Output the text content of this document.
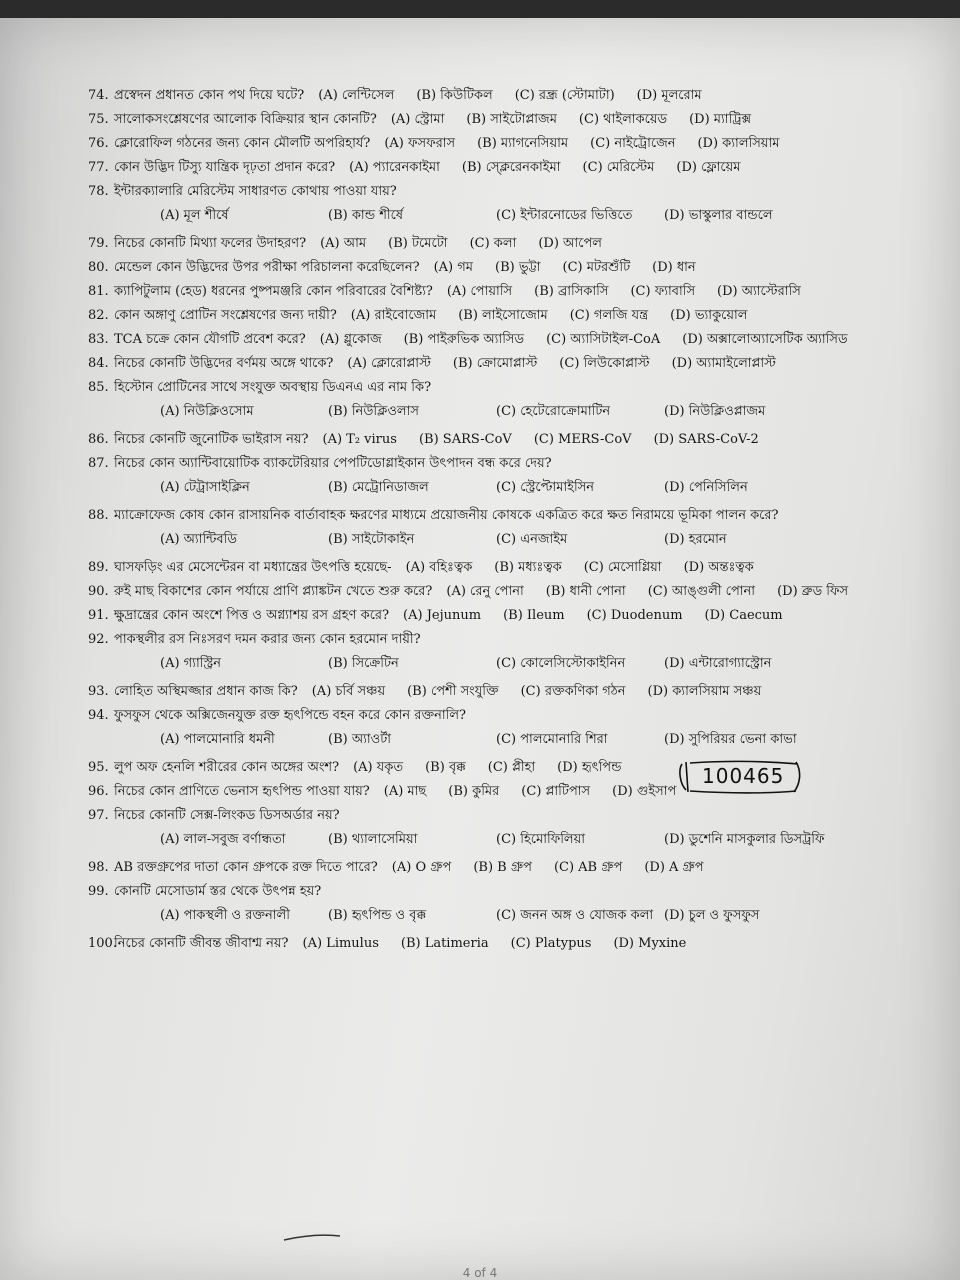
74. প্রস্বেদন প্রধানত কোন পথ দিয়ে ঘটে? (A) লেন্টিসেল (B) কিউটিকল (C) রন্ধ্র (স্টোমাটা) (D) মূলরোম
75. সালোকসংশ্লেষণের আলোক বিক্রিয়ার স্থান কোনটি? (A) স্ট্রোমা (B) সাইটোপ্লাজম (C) থাইলাকয়েড (D) ম্যাট্রিক্স
76. ক্লোরোফিল গঠনের জন্য কোন মৌলটি অপরিহার্য? (A) ফসফরাস (B) ম্যাগনেসিয়াম (C) নাইট্রোজেন (D) ক্যালসিয়াম
77. কোন উদ্ভিদ টিস্যু যান্ত্রিক দৃঢ়তা প্রদান করে? (A) প্যারেনকাইমা (B) স্ক্লেরেনকাইমা (C) মেরিস্টেম (D) ফ্লোয়েম
78. ইন্টারক্যালারি মেরিস্টেম সাধারণত কোথায় পাওয়া যায়?
(A) মূল শীর্ষে	(B) কান্ড শীর্ষে	(C) ইন্টারনোডের ভিত্তিতে	(D) ভাস্কুলার বান্ডলে
79. নিচের কোনটি মিথ্যা ফলের উদাহরণ? (A) আম (B) টমেটো (C) কলা (D) আপেল
80. মেন্ডেল কোন উদ্ভিদের উপর পরীক্ষা পরিচালনা করেছিলেন? (A) গম (B) ভুট্টা (C) মটরশুঁটি (D) ধান
81. ক্যাপিটুলাম (হেড) ধরনের পুষ্পমঞ্জরি কোন পরিবারের বৈশিষ্ট্য? (A) পোয়াসি (B) ব্রাসিকাসি (C) ফ্যাবাসি (D) অ্যাস্টেরাসি
82. কোন অঙ্গাণু প্রোটিন সংশ্লেষণের জন্য দায়ী? (A) রাইবোজোম (B) লাইসোজোম (C) গলজি যন্ত্র (D) ভ্যাকুয়োল
83. TCA চক্রে কোন যৌগটি প্রবেশ করে? (A) গ্লুকোজ (B) পাইরুভিক অ্যাসিড (C) অ্যাসিটাইল-CoA (D) অক্সালোঅ্যাসেটিক অ্যাসিড
84. নিচের কোনটি উদ্ভিদের বর্ণময় অঙ্গে থাকে? (A) ক্লোরোপ্লাস্ট (B) ক্রোমোপ্লাস্ট (C) লিউকোপ্লাস্ট (D) অ্যামাইলোপ্লাস্ট
85. হিস্টোন প্রোটিনের সাথে সংযুক্ত অবস্থায় ডিএনএ এর নাম কি?
(A) নিউক্লিওসোম	(B) নিউক্লিওলাস	(C) হেটেরোক্রোমাটিন	(D) নিউক্লিওপ্লাজম
86. নিচের কোনটি জুনোটিক ভাইরাস নয়? (A) T₂ virus (B) SARS-CoV (C) MERS-CoV (D) SARS-CoV-2
87. নিচের কোন অ্যান্টিবায়োটিক ব্যাকটেরিয়ার পেপটিডোগ্লাইকান উৎপাদন বন্ধ করে দেয়?
(A) টেট্রাসাইক্লিন	(B) মেট্রোনিডাজল	(C) স্ট্রেপ্টোমাইসিন	(D) পেনিসিলিন
88. ম্যাক্রোফেজ কোষ কোন রাসায়নিক বার্তাবাহক ক্ষরণের মাধ্যমে প্রয়োজনীয় কোষকে একত্রিত করে ক্ষত নিরাময়ে ভূমিকা পালন করে?
(A) অ্যান্টিবডি	(B) সাইটোকাইন	(C) এনজাইম	(D) হরমোন
89. ঘাসফড়িং এর মেসেন্টেরন বা মধ্যান্ত্রের উৎপত্তি হয়েছে- (A) বহিঃত্বক (B) মধ্যঃত্বক (C) মেসোগ্লিয়া (D) অন্তঃত্বক
90. রুই মাছ বিকাশের কোন পর্যায়ে প্রাণি প্ল্যাঙ্কটন খেতে শুরু করে? (A) রেনু পোনা (B) ধানী পোনা (C) আঙ্গুলী পোনা (D) ব্রুড ফিস
91. ক্ষুদ্রান্ত্রের কোন অংশে পিত্ত ও অগ্ন্যাশয় রস গ্রহণ করে? (A) Jejunum (B) Ileum (C) Duodenum (D) Caecum
92. পাকস্থলীর রস নিঃসরণ দমন করার জন্য কোন হরমোন দায়ী?
(A) গ্যাস্ট্রিন	(B) সিক্রেটিন	(C) কোলেসিস্টোকাইনিন	(D) এন্টারোগ্যাস্ট্রোন
93. লোহিত অস্থিমজ্জার প্রধান কাজ কি? (A) চর্বি সঞ্চয় (B) পেশী সংযুক্তি (C) রক্তকণিকা গঠন (D) ক্যালসিয়াম সঞ্চয়
94. ফুসফুস থেকে অক্সিজেনযুক্ত রক্ত হৃৎপিন্ডে বহন করে কোন রক্তনালি?
(A) পালমোনারি ধমনী	(B) অ্যাওর্টা	(C) পালমোনারি শিরা	(D) সুপিরিয়র ভেনা কাভা
95. লুপ অফ হেনলি শরীরের কোন অঙ্গের অংশ? (A) যকৃত (B) বৃক্ক (C) প্লীহা (D) হৃৎপিন্ড
96. নিচের কোন প্রাণিতে ভেনাস হৃৎপিন্ড পাওয়া যায়? (A) মাছ (B) কুমির (C) প্লাটিপাস (D) গুইসাপ
97. নিচের কোনটি সেক্স-লিংকড ডিসঅর্ডার নয়?
(A) লাল-সবুজ বর্ণান্ধতা	(B) থ্যালাসেমিয়া	(C) হিমোফিলিয়া	(D) ডুশেনি মাসকুলার ডিসট্রফি
98. AB রক্তগ্রুপের দাতা কোন গ্রুপকে রক্ত দিতে পারে? (A) O গ্রুপ (B) B গ্রুপ (C) AB গ্রুপ (D) A গ্রুপ
99. কোনটি মেসোডার্ম স্তর থেকে উৎপন্ন হয়?
(A) পাকস্থলী ও রক্তনালী	(B) হৃৎপিন্ড ও বৃক্ক	(C) জনন অঙ্গ ও যোজক কলা (D) চুল ও ফুসফুস
100.
নিচের কোনটি জীবন্ত জীবাশ্ম নয়? (A) Limulus (B) Latimeria (C) Platypus (D) Myxine
100465
4 of 4
